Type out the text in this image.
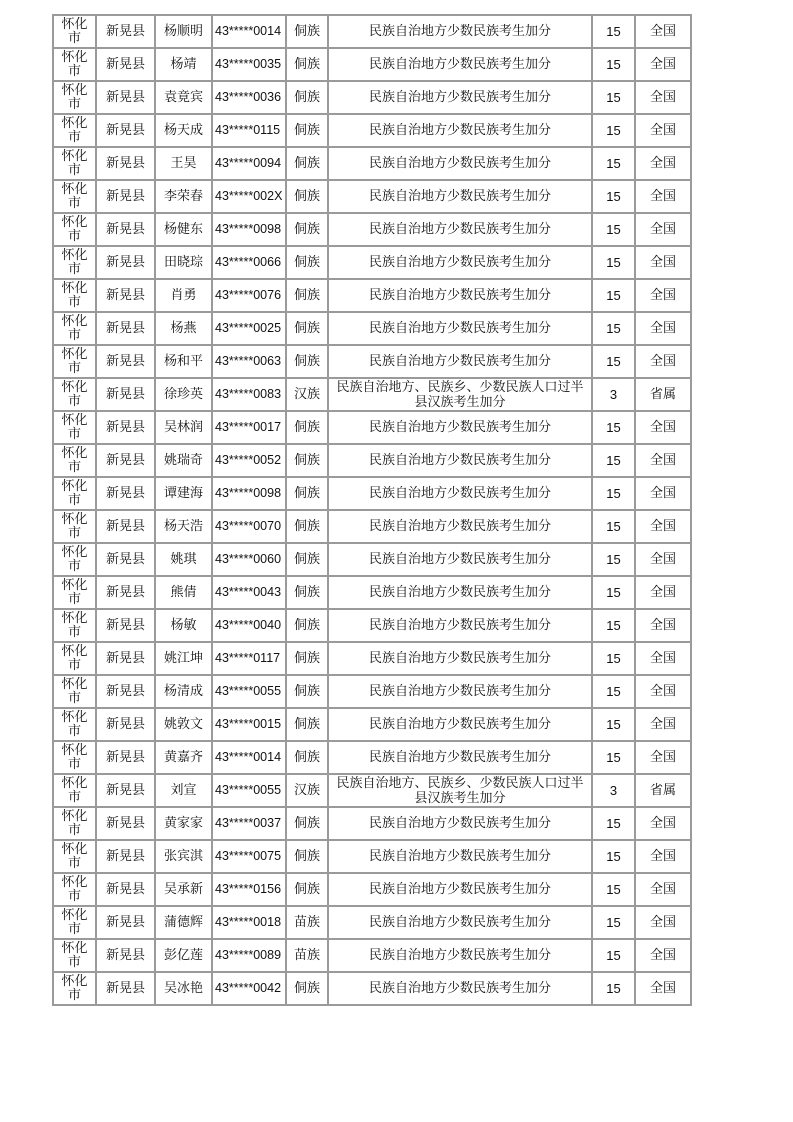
怀化市	新晃县	杨顺明	43*****0014	侗族	民族自治地方少数民族考生加分	15	全国
怀化市	新晃县	杨靖	43*****0035	侗族	民族自治地方少数民族考生加分	15	全国
怀化市	新晃县	袁竟宾	43*****0036	侗族	民族自治地方少数民族考生加分	15	全国
怀化市	新晃县	杨天成	43*****0115	侗族	民族自治地方少数民族考生加分	15	全国
怀化市	新晃县	王昊	43*****0094	侗族	民族自治地方少数民族考生加分	15	全国
怀化市	新晃县	李荣春	43*****002X	侗族	民族自治地方少数民族考生加分	15	全国
怀化市	新晃县	杨健东	43*****0098	侗族	民族自治地方少数民族考生加分	15	全国
怀化市	新晃县	田晓琮	43*****0066	侗族	民族自治地方少数民族考生加分	15	全国
怀化市	新晃县	肖勇	43*****0076	侗族	民族自治地方少数民族考生加分	15	全国
怀化市	新晃县	杨燕	43*****0025	侗族	民族自治地方少数民族考生加分	15	全国
怀化市	新晃县	杨和平	43*****0063	侗族	民族自治地方少数民族考生加分	15	全国
怀化市	新晃县	徐珍英	43*****0083	汉族	民族自治地方、民族乡、少数民族人口过半县汉族考生加分	3	省属
怀化市	新晃县	吴林润	43*****0017	侗族	民族自治地方少数民族考生加分	15	全国
怀化市	新晃县	姚瑞奇	43*****0052	侗族	民族自治地方少数民族考生加分	15	全国
怀化市	新晃县	谭建海	43*****0098	侗族	民族自治地方少数民族考生加分	15	全国
怀化市	新晃县	杨天浩	43*****0070	侗族	民族自治地方少数民族考生加分	15	全国
怀化市	新晃县	姚琪	43*****0060	侗族	民族自治地方少数民族考生加分	15	全国
怀化市	新晃县	熊倩	43*****0043	侗族	民族自治地方少数民族考生加分	15	全国
怀化市	新晃县	杨敏	43*****0040	侗族	民族自治地方少数民族考生加分	15	全国
怀化市	新晃县	姚江坤	43*****0117	侗族	民族自治地方少数民族考生加分	15	全国
怀化市	新晃县	杨清成	43*****0055	侗族	民族自治地方少数民族考生加分	15	全国
怀化市	新晃县	姚敦文	43*****0015	侗族	民族自治地方少数民族考生加分	15	全国
怀化市	新晃县	黄嘉齐	43*****0014	侗族	民族自治地方少数民族考生加分	15	全国
怀化市	新晃县	刘宣	43*****0055	汉族	民族自治地方、民族乡、少数民族人口过半县汉族考生加分	3	省属
怀化市	新晃县	黄家家	43*****0037	侗族	民族自治地方少数民族考生加分	15	全国
怀化市	新晃县	张宾淇	43*****0075	侗族	民族自治地方少数民族考生加分	15	全国
怀化市	新晃县	吴承新	43*****0156	侗族	民族自治地方少数民族考生加分	15	全国
怀化市	新晃县	蒲德辉	43*****0018	苗族	民族自治地方少数民族考生加分	15	全国
怀化市	新晃县	彭亿莲	43*****0089	苗族	民族自治地方少数民族考生加分	15	全国
怀化市	新晃县	吴冰艳	43*****0042	侗族	民族自治地方少数民族考生加分	15	全国
